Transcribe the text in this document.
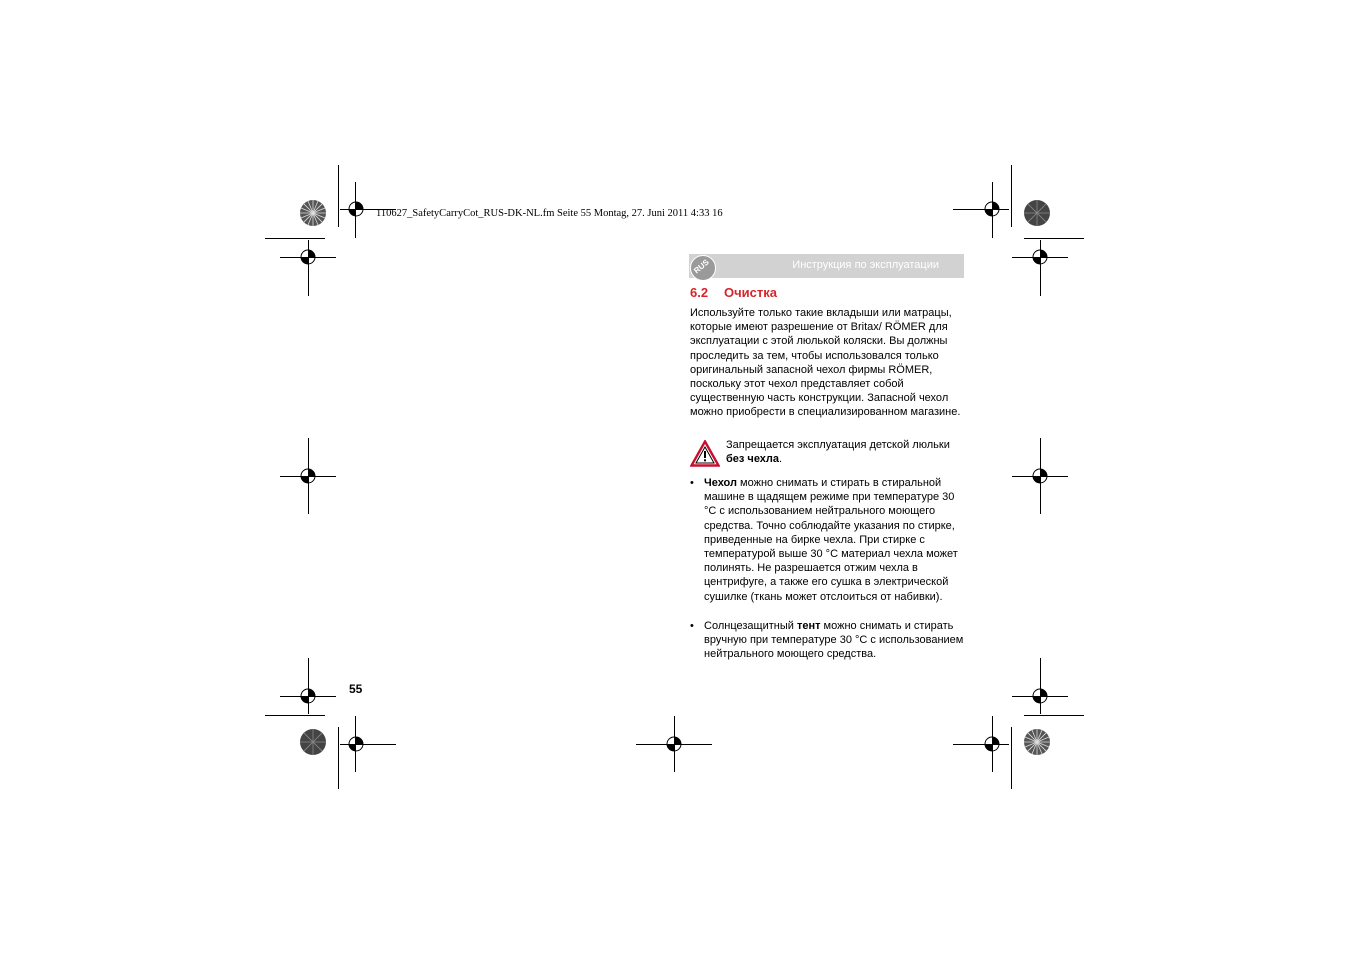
110627_SafetyCarryCot_RUS-DK-NL.fm Seite 55 Montag, 27. Juni 2011 4:33 16
Инструкция по эксплуатации
RUS
6.2 Очистка
Используйте только такие вкладыши или матрацы, которые имеют разрешение от Britax/ RÖMER для эксплуатации с этой люлькой коляски. Вы должны проследить за тем, чтобы использовался только оригинальный запасной чехол фирмы RÖMER, поскольку этот чехол представляет собой существенную часть конструкции. Запасной чехол можно приобрести в специализированном магазине.
Запрещается эксплуатация детской люльки без чехла.
• Чехол можно снимать и стирать в стиральной машине в щадящем режиме при температуре 30 °C с использованием нейтрального моющего средства. Точно соблюдайте указания по стирке, приведенные на бирке чехла. При стирке с температурой выше 30 °C материал чехла может полинять. Не разрешается отжим чехла в центрифуге, а также его сушка в электрической сушилке (ткань может отслоиться от набивки).
• Солнцезащитный тент можно снимать и стирать вручную при температуре 30 °C с использованием нейтрального моющего средства.
55
